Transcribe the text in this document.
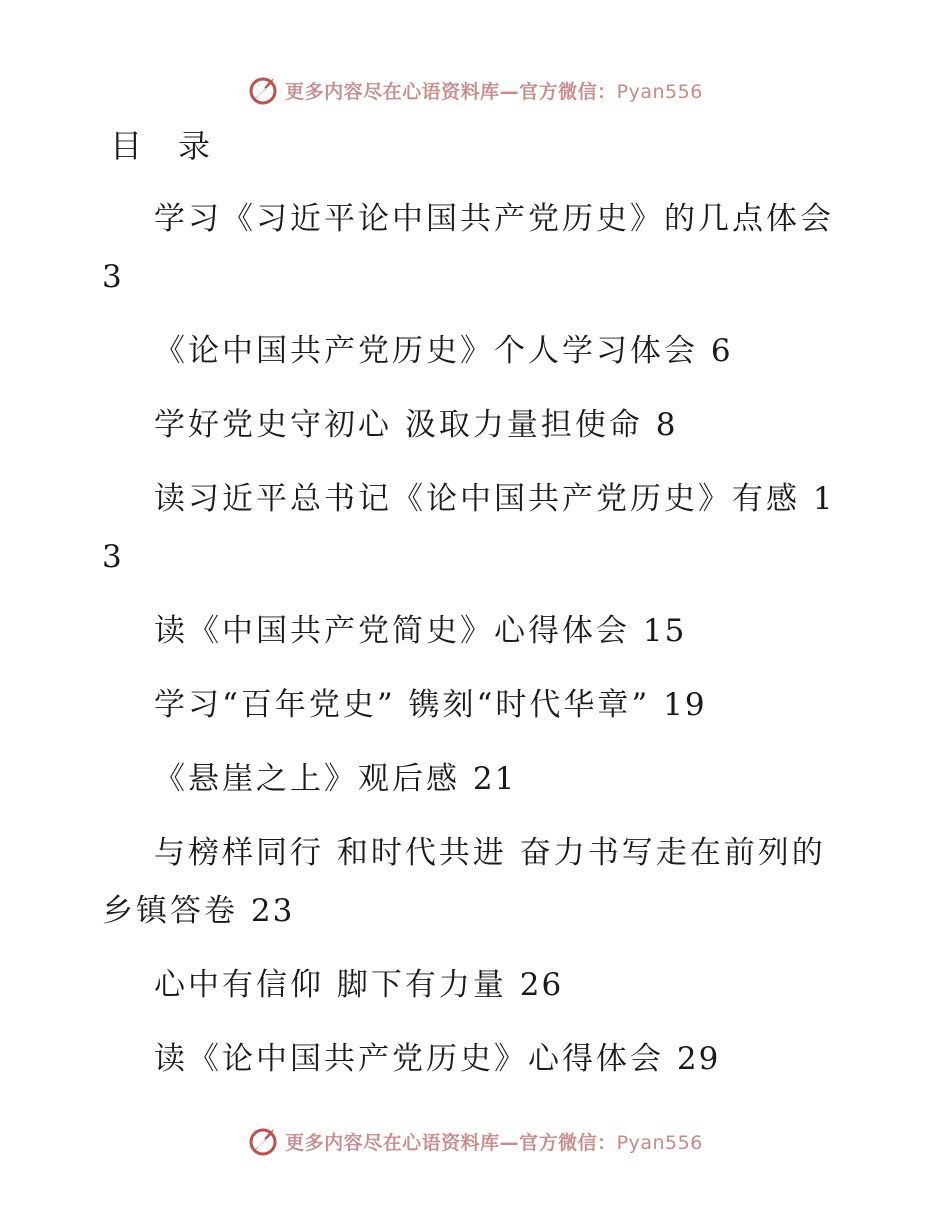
更多内容尽在心语资料库—官方微信：Pyan556
目　录

学习《习近平论中国共产党历史》的几点体会 3

《论中国共产党历史》个人学习体会 6

学好党史守初心 汲取力量担使命 8

读习近平总书记《论中国共产党历史》有感 13

读《中国共产党简史》心得体会 15

学习“百年党史” 镌刻“时代华章” 19

《悬崖之上》观后感 21

与榜样同行 和时代共进 奋力书写走在前列的乡镇答卷 23

心中有信仰 脚下有力量 26

读《论中国共产党历史》心得体会 29

更多内容尽在心语资料库—官方微信：Pyan556
